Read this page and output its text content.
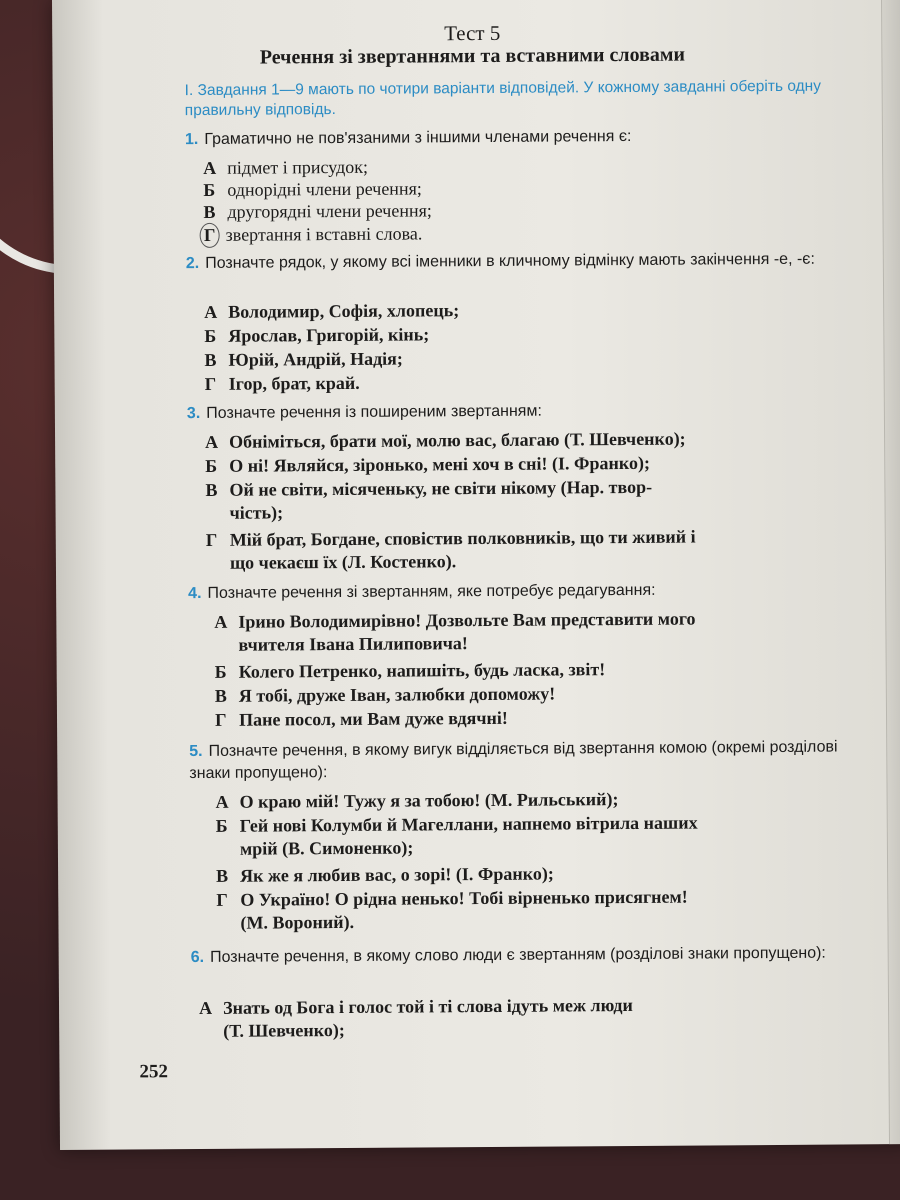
Тест 5
Речення зі звертаннями та вставними словами
I. Завдання 1—9 мають по чотири варіанти відповідей. У кожному завданні оберіть одну правильну відповідь.
1. Граматично не пов'язаними з іншими членами речення є:
А підмет і присудок;
Б однорідні члени речення;
В другорядні члени речення;
Г звертання і вставні слова.
2. Позначте рядок, у якому всі іменники в кличному відмінку мають закінчення -е, -є:
А Володимир, Софія, хлопець;
Б Ярослав, Григорій, кінь;
В Юрій, Андрій, Надія;
Г Ігор, брат, край.
3. Позначте речення із поширеним звертанням:
А Обніміться, брати мої, молю вас, благаю (Т. Шевченко);
Б О ні! Являйся, зіронько, мені хоч в сні! (І. Франко);
В Ой не світи, місяченьку, не світи нікому (Нар. твор-
чість);
Г Мій брат, Богдане, сповістив полковників, що ти живий і
що чекаєш їх (Л. Костенко).
4. Позначте речення зі звертанням, яке потребує редагування:
А Ірино Володимирівно! Дозвольте Вам представити мого
вчителя Івана Пилиповича!
Б Колего Петренко, напишіть, будь ласка, звіт!
В Я тобі, друже Іван, залюбки допоможу!
Г Пане посол, ми Вам дуже вдячні!
5. Позначте речення, в якому вигук відділяється від звертання комою (окремі розділові знаки пропущено):
А О краю мій! Тужу я за тобою! (М. Рильський);
Б Гей нові Колумби й Магеллани, напнемо вітрила наших
мрій (В. Симоненко);
В Як же я любив вас, о зорі! (І. Франко);
Г О Україно! О рідна ненько! Тобі вірненько присягнем!
(М. Вороний).
6. Позначте речення, в якому слово люди є звертанням (розділові знаки пропущено):
А Знать од Бога і голос той і ті слова ідуть меж люди
(Т. Шевченко);
252
